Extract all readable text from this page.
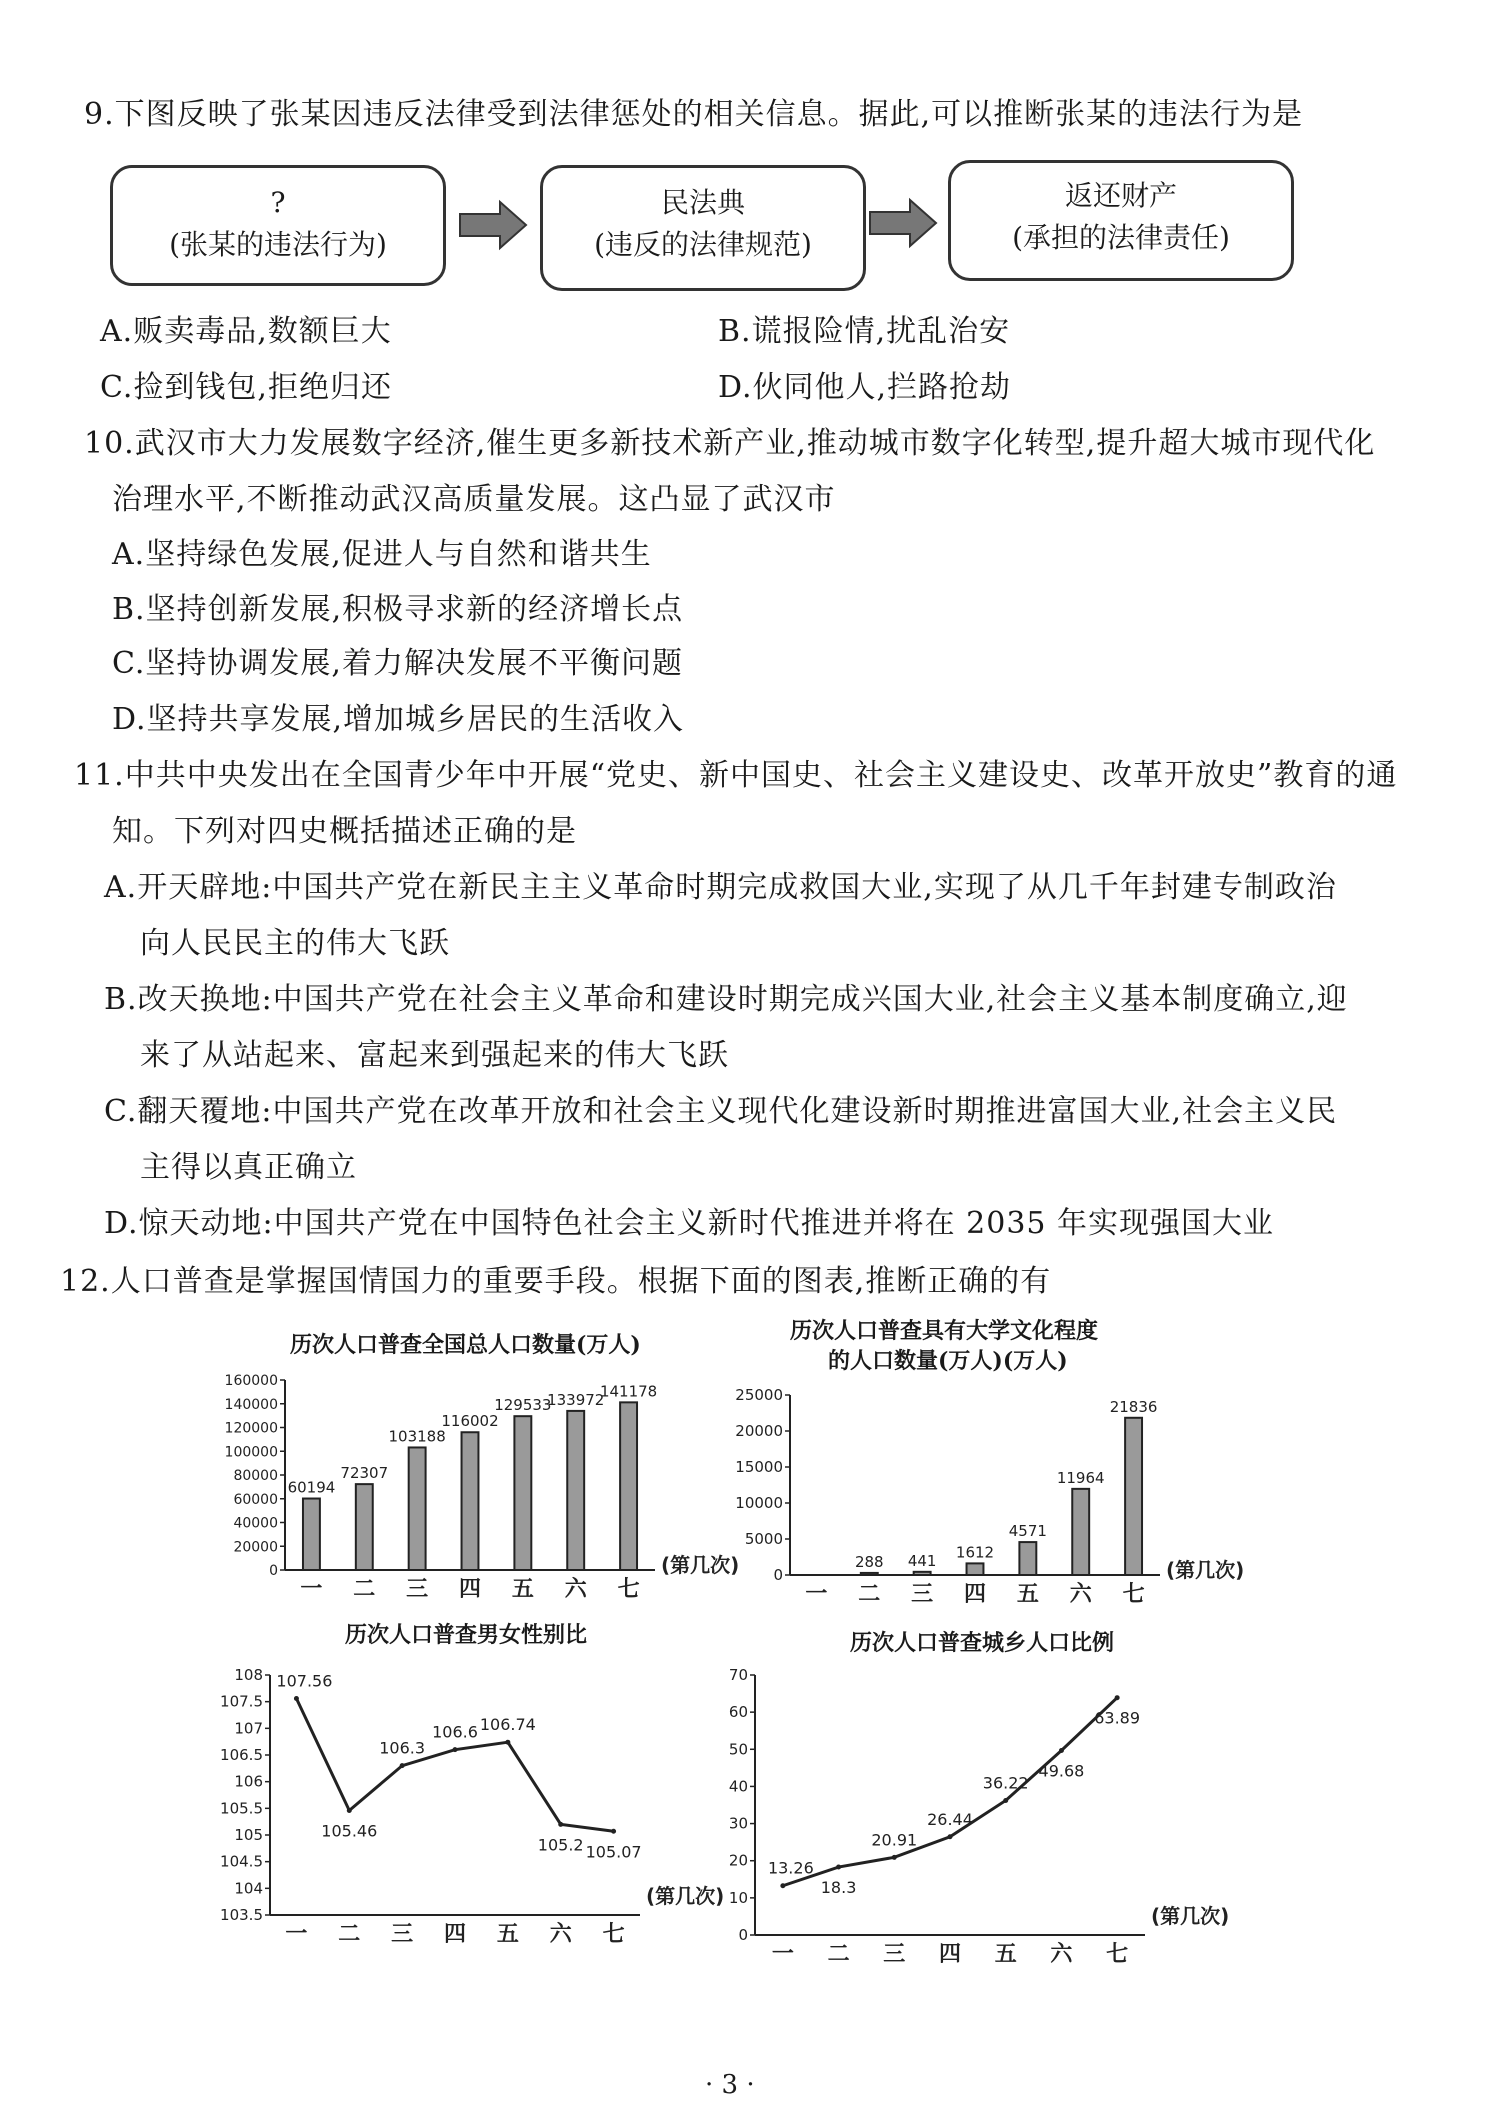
9.下图反映了张某因违反法律受到法律惩处的相关信息。据此,可以推断张某的违法行为是
?
(张某的违法行为)
民法典
(违反的法律规范)
返还财产
(承担的法律责任)
A.贩卖毒品,数额巨大	B.谎报险情,扰乱治安
C.捡到钱包,拒绝归还	D.伙同他人,拦路抢劫
10.武汉市大力发展数字经济,催生更多新技术新产业,推动城市数字化转型,提升超大城市现代化
治理水平,不断推动武汉高质量发展。这凸显了武汉市
A.坚持绿色发展,促进人与自然和谐共生
B.坚持创新发展,积极寻求新的经济增长点
C.坚持协调发展,着力解决发展不平衡问题
D.坚持共享发展,增加城乡居民的生活收入
11.中共中央发出在全国青少年中开展“党史、新中国史、社会主义建设史、改革开放史”教育的通
知。下列对四史概括描述正确的是
A.开天辟地:中国共产党在新民主主义革命时期完成救国大业,实现了从几千年封建专制政治
向人民民主的伟大飞跃
B.改天换地:中国共产党在社会主义革命和建设时期完成兴国大业,社会主义基本制度确立,迎
来了从站起来、富起来到强起来的伟大飞跃
C.翻天覆地:中国共产党在改革开放和社会主义现代化建设新时期推进富国大业,社会主义民
主得以真正确立
D.惊天动地:中国共产党在中国特色社会主义新时代推进并将在 2035 年实现强国大业
12.人口普查是掌握国情国力的重要手段。根据下面的图表,推断正确的有
历次人口普查全国总人口数量(万人)
历次人口普查具有大学文化程度
的人口数量(万人)(万人)
历次人口普查男女性别比	历次人口普查城乡人口比例
0
20000
40000
60000
80000
100000
120000
140000
160000
一 二 三 四 五 六 七
(第几次)
60194
72307
103188
116002
129533
133972
141178
0
5000
10000
15000
20000
25000
一 二 三 四 五 六 七
(第几次)
288 441 1612
4571
11964
21836
103.5
104
104.5
105
105.5
106
106.5
107
107.5
108
一 二 三 四 五 六 七
(第几次)
107.56
105.46
106.3
106.6 106.74
105.2 105.07
0
10
20
30
40
50
60
70
一 二 三 四 五 六 七
(第几次)
13.26
18.3
20.91
26.44
36.22
49.68
63.89
· 3 ·
